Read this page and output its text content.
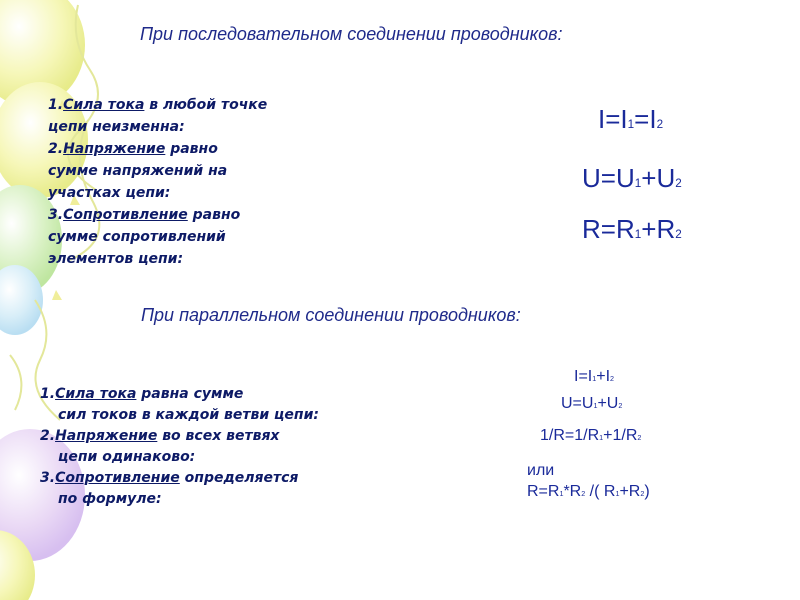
При последовательном соединении проводников:
1.Сила тока в любой точке
цепи неизменна:
2.Напряжение равно
сумме напряжений на
участках цепи:
3.Сопротивление равно
сумме сопротивлений
элементов цепи:
I=I1=I2
U=U1+U2
R=R1+R2
При параллельном соединении проводников:
1.Сила тока равна сумме
сил токов в каждой ветви цепи:
2.Напряжение во всех ветвях
цепи одинаково:
3.Сопротивление определяется
по формуле:
I=I1+I2
U=U1+U2
1/R=1/R1+1/R2
или
R=R1*R2 /( R1+R2)
